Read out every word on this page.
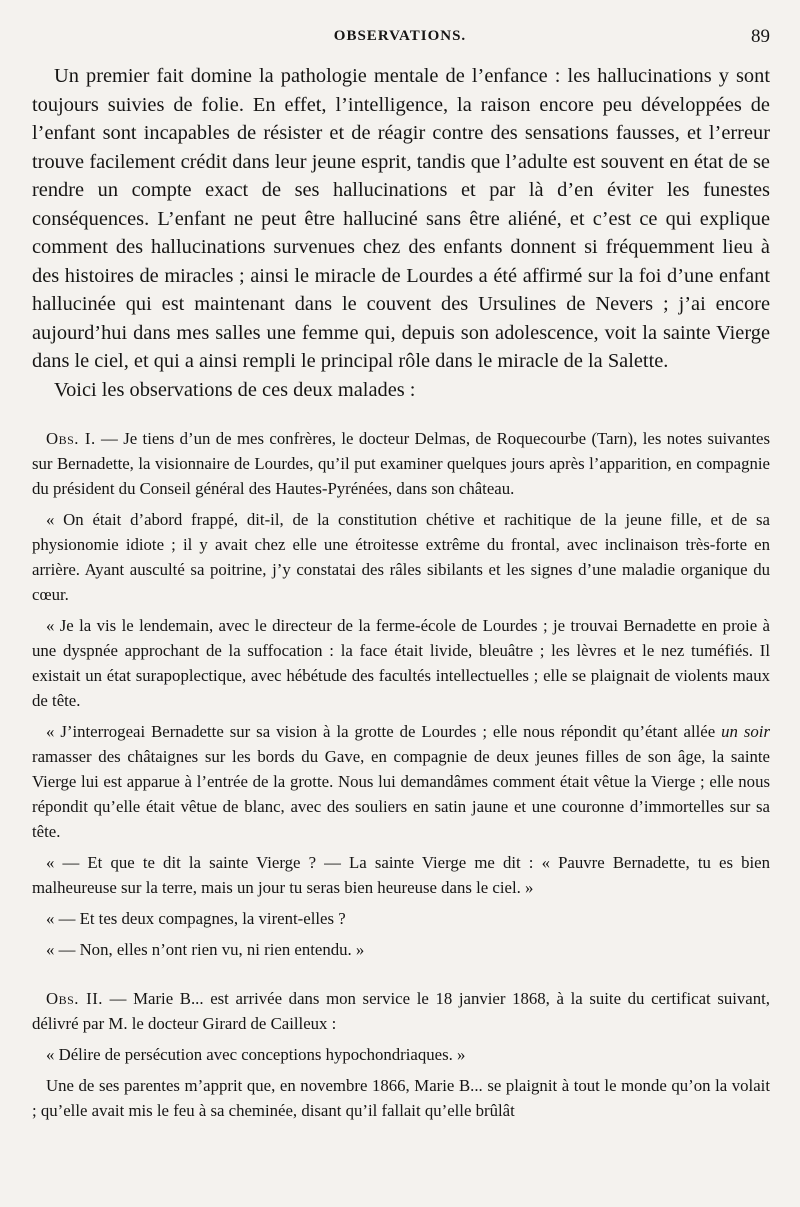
OBSERVATIONS.	89

Un premier fait domine la pathologie mentale de l’enfance : les hallucinations y sont toujours suivies de folie. En effet, l’intelligence, la raison encore peu développées de l’enfant sont incapables de résister et de réagir contre des sensations fausses, et l’erreur trouve facilement crédit dans leur jeune esprit, tandis que l’adulte est souvent en état de se rendre un compte exact de ses hallucinations et par là d’en éviter les funestes conséquences. L’enfant ne peut être halluciné sans être aliéné, et c’est ce qui explique comment des hallucinations survenues chez des enfants donnent si fréquemment lieu à des histoires de miracles ; ainsi le miracle de Lourdes a été affirmé sur la foi d’une enfant hallucinée qui est maintenant dans le couvent des Ursulines de Nevers ; j’ai encore aujourd’hui dans mes salles une femme qui, depuis son adolescence, voit la sainte Vierge dans le ciel, et qui a ainsi rempli le principal rôle dans le miracle de la Salette.

Voici les observations de ces deux malades :

Obs. I. — Je tiens d’un de mes confrères, le docteur Delmas, de Roquecourbe (Tarn), les notes suivantes sur Bernadette, la visionnaire de Lourdes, qu’il put examiner quelques jours après l’apparition, en compagnie du président du Conseil général des Hautes-Pyrénées, dans son château.

« On était d’abord frappé, dit-il, de la constitution chétive et rachitique de la jeune fille, et de sa physionomie idiote ; il y avait chez elle une étroitesse extrême du frontal, avec inclinaison très-forte en arrière. Ayant ausculté sa poitrine, j’y constatai des râles sibilants et les signes d’une maladie organique du cœur.

« Je la vis le lendemain, avec le directeur de la ferme-école de Lourdes ; je trouvai Bernadette en proie à une dyspnée approchant de la suffocation : la face était livide, bleuâtre ; les lèvres et le nez tuméfiés. Il existait un état surapoplectique, avec hébétude des facultés intellectuelles ; elle se plaignait de violents maux de tête.

« J’interrogeai Bernadette sur sa vision à la grotte de Lourdes ; elle nous répondit qu’étant allée un soir ramasser des châtaignes sur les bords du Gave, en compagnie de deux jeunes filles de son âge, la sainte Vierge lui est apparue à l’entrée de la grotte. Nous lui demandâmes comment était vêtue la Vierge ; elle nous répondit qu’elle était vêtue de blanc, avec des souliers en satin jaune et une couronne d’immortelles sur sa tête.

« — Et que te dit la sainte Vierge ? — La sainte Vierge me dit : « Pauvre Bernadette, tu es bien malheureuse sur la terre, mais un jour tu seras bien heureuse dans le ciel. »

« — Et tes deux compagnes, la virent-elles ?

« — Non, elles n’ont rien vu, ni rien entendu. »

Obs. II. — Marie B... est arrivée dans mon service le 18 janvier 1868, à la suite du certificat suivant, délivré par M. le docteur Girard de Cailleux :

« Délire de persécution avec conceptions hypochondriaques. »

Une de ses parentes m’apprit que, en novembre 1866, Marie B... se plaignit à tout le monde qu’on la volait ; qu’elle avait mis le feu à sa cheminée, disant qu’il fallait qu’elle brûlât
